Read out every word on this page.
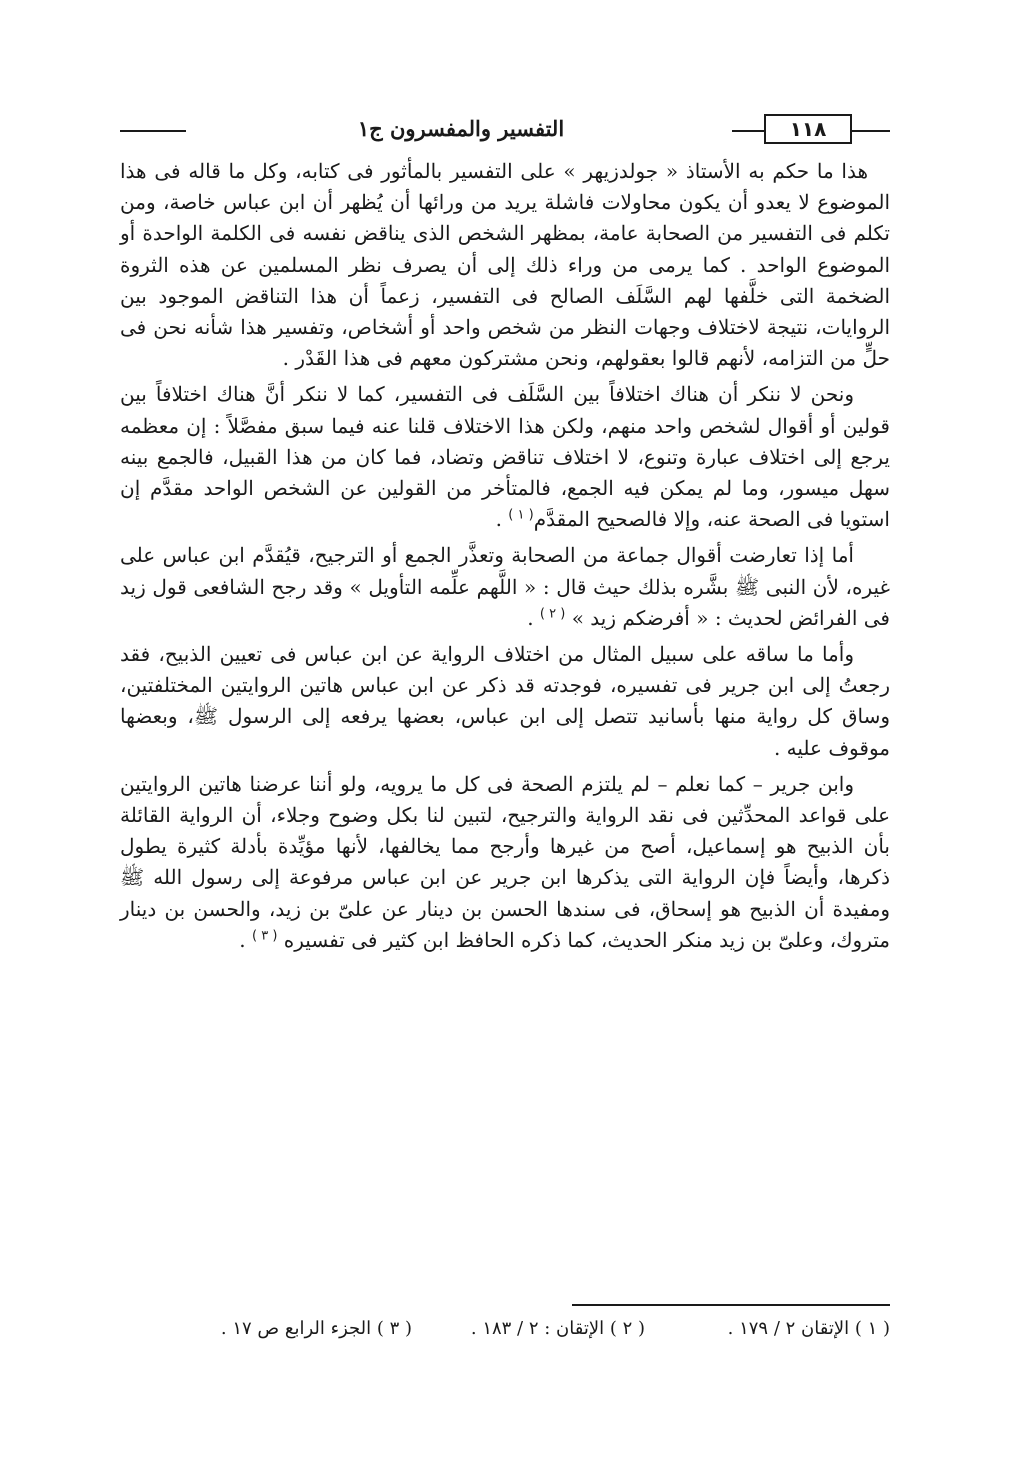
١١٨
التفسير والمفسرون ج١

هذا ما حكم به الأستاذ « جولدزيهر » على التفسير بالمأثور فى كتابه، وكل ما قاله فى هذا الموضوع لا يعدو أن يكون محاولات فاشلة يريد من ورائها أن يُظهر أن ابن عباس خاصة، ومن تكلم فى التفسير من الصحابة عامة، بمظهر الشخص الذى يناقض نفسه فى الكلمة الواحدة أو الموضوع الواحد . كما يرمى من وراء ذلك إلى أن يصرف نظر المسلمين عن هذه الثروة الضخمة التى خلَّفها لهم السَّلَف الصالح فى التفسير، زعماً أن هذا التناقض الموجود بين الروايات، نتيجة لاختلاف وجهات النظر من شخص واحد أو أشخاص، وتفسير هذا شأنه نحن فى حلٍّ من التزامه، لأنهم قالوا بعقولهم، ونحن مشتركون معهم فى هذا القَدْر .

ونحن لا ننكر أن هناك اختلافاً بين السَّلَف فى التفسير، كما لا ننكر أنَّ هناك اختلافاً بين قولين أو أقوال لشخص واحد منهم، ولكن هذا الاختلاف قلنا عنه فيما سبق مفصَّلاً : إن معظمه يرجع إلى اختلاف عبارة وتنوع، لا اختلاف تناقض وتضاد، فما كان من هذا القبيل، فالجمع بينه سهل ميسور، وما لم يمكن فيه الجمع، فالمتأخر من القولين عن الشخص الواحد مقدَّم إن استويا فى الصحة عنه، وإلا فالصحيح المقدَّم$^{( ١ )}$ .

أما إذا تعارضت أقوال جماعة من الصحابة وتعذَّر الجمع أو الترجيح، قيُقدَّم ابن عباس على غيره، لأن النبى ﷺ بشَّره بذلك حيث قال : « اللَّهم علِّمه التأويل » وقد رجح الشافعى قول زيد فى الفرائض لحديث : « أفرضكم زيد » $^{( ٢ )}$ .

وأما ما ساقه على سبيل المثال من اختلاف الرواية عن ابن عباس فى تعيين الذبيح، فقد رجعتُ إلى ابن جرير فى تفسيره، فوجدته قد ذكر عن ابن عباس هاتين الروايتين المختلفتين، وساق كل رواية منها بأسانيد تتصل إلى ابن عباس، بعضها يرفعه إلى الرسول ﷺ، وبعضها موقوف عليه .

وابن جرير – كما نعلم – لم يلتزم الصحة فى كل ما يرويه، ولو أننا عرضنا هاتين الروايتين على قواعد المحدِّثين فى نقد الرواية والترجيح، لتبين لنا بكل وضوح وجلاء، أن الرواية القائلة بأن الذبيح هو إسماعيل، أصح من غيرها وأرجح مما يخالفها، لأنها مؤيِّدة بأدلة كثيرة يطول ذكرها، وأيضاً فإن الرواية التى يذكرها ابن جرير عن ابن عباس مرفوعة إلى رسول الله ﷺ ومفيدة أن الذبيح هو إسحاق، فى سندها الحسن بن دينار عن علىّ بن زيد، والحسن بن دينار متروك، وعلىّ بن زيد منكر الحديث، كما ذكره الحافظ ابن كثير فى تفسيره $^{( ٣ )}$ .

( ١ ) الإتقان ٢ / ١٧٩ .
( ٢ ) الإتقان : ٢ / ١٨٣ .
( ٣ ) الجزء الرابع ص ١٧ .
